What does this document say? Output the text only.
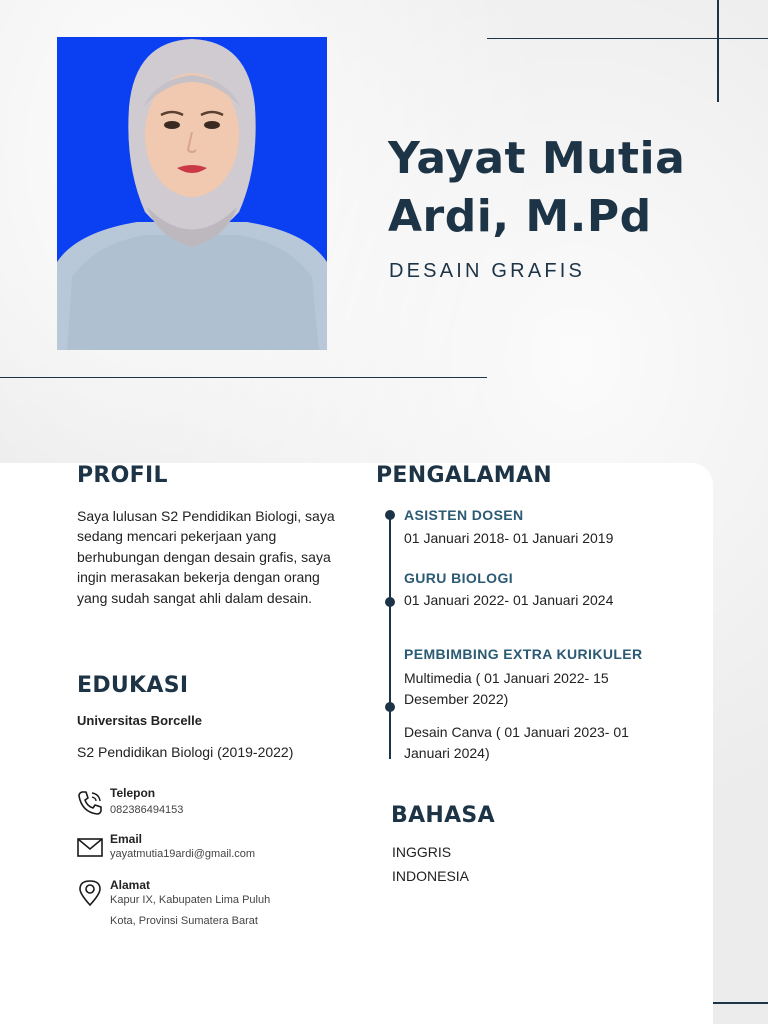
Yayat Mutia
Ardi, M.Pd
DESAIN GRAFIS
PROFIL
Saya lulusan S2 Pendidikan Biologi, saya sedang mencari pekerjaan yang berhubungan dengan desain grafis, saya ingin merasakan bekerja dengan orang yang sudah sangat ahli dalam desain.
EDUKASI
Universitas Borcelle
S2 Pendidikan Biologi (2019-2022)
Telepon
082386494153
Email
yayatmutia19ardi@gmail.com
Alamat
Kapur IX, Kabupaten Lima Puluh
Kota, Provinsi Sumatera Barat
PENGALAMAN
ASISTEN DOSEN
01 Januari 2018- 01 Januari 2019
GURU BIOLOGI
01 Januari 2022- 01 Januari 2024
PEMBIMBING EXTRA KURIKULER
Multimedia ( 01 Januari 2022- 15 Desember 2022)
Desain Canva ( 01 Januari 2023- 01 Januari 2024)
BAHASA
INGGRIS
INDONESIA
